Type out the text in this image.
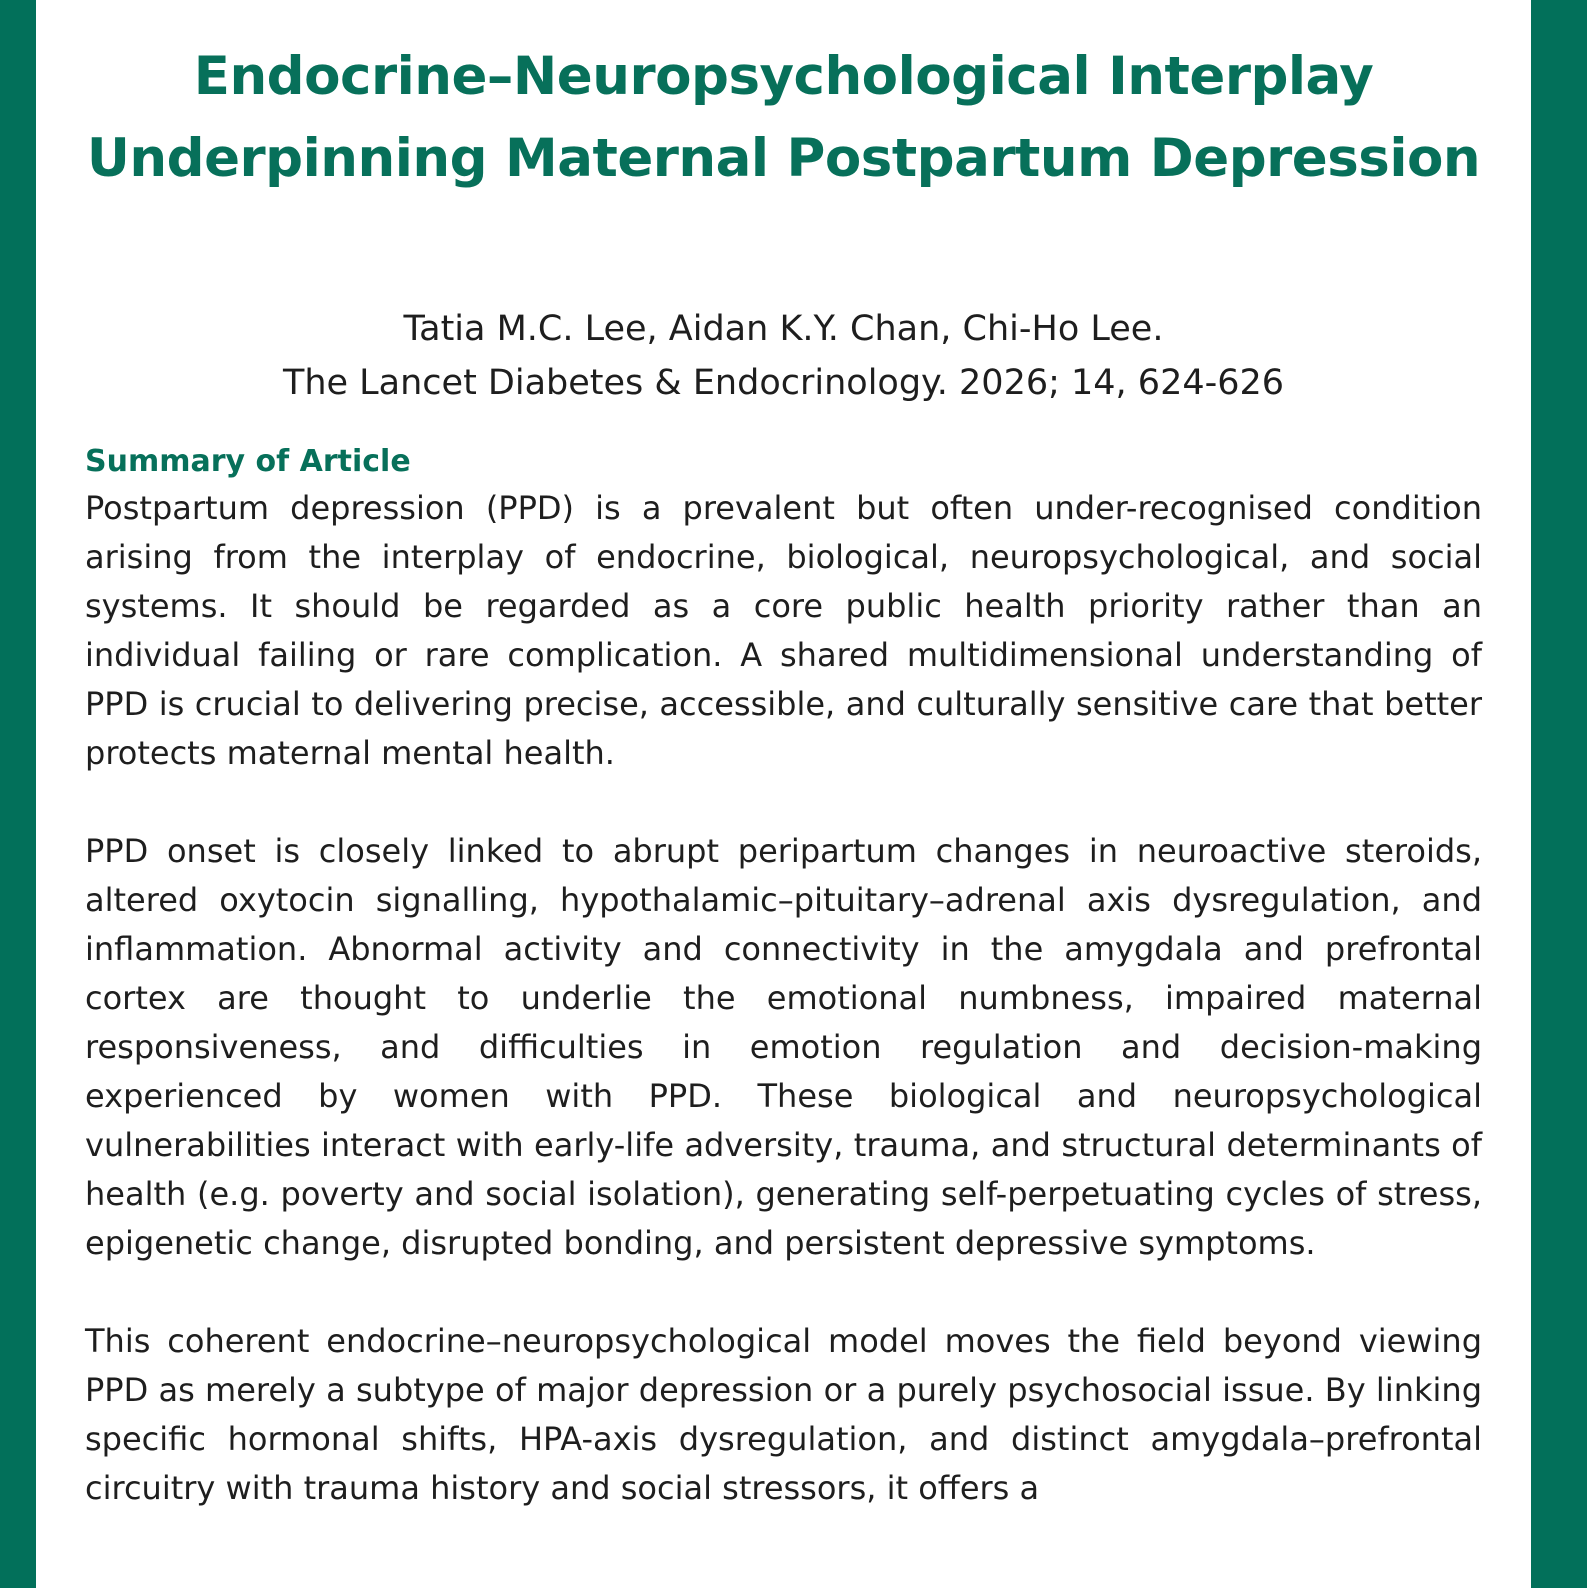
Endocrine–Neuropsychological Interplay
Underpinning Maternal Postpartum Depression
Tatia M.C. Lee, Aidan K.Y. Chan, Chi-Ho Lee.
The Lancet Diabetes & Endocrinology. 2026; 14, 624-626
Summary of Article

Postpartum depression (PPD) is a prevalent but often under-recognised condition arising from the interplay of endocrine, biological, neuropsychological, and social systems. It should be regarded as a core public health priority rather than an individual failing or rare complication. A shared multidimensional understanding of PPD is crucial to delivering precise, accessible, and culturally sensitive care that better protects maternal mental health.

PPD onset is closely linked to abrupt peripartum changes in neuroactive steroids, altered oxytocin signalling, hypothalamic–pituitary–adrenal axis dysregulation, and inflammation. Abnormal activity and connectivity in the amygdala and prefrontal cortex are thought to underlie the emotional numbness, impaired maternal responsiveness, and difficulties in emotion regulation and decision-making experienced by women with PPD. These biological and neuropsychological vulnerabilities interact with early-life adversity, trauma, and structural determinants of health (e.g. poverty and social isolation), generating self-perpetuating cycles of stress, epigenetic change, disrupted bonding, and persistent depressive symptoms.

This coherent endocrine–neuropsychological model moves the field beyond viewing PPD as merely a subtype of major depression or a purely psychosocial issue. By linking specific hormonal shifts, HPA-axis dysregulation, and distinct amygdala–prefrontal circuitry with trauma history and social stressors, it offers a
